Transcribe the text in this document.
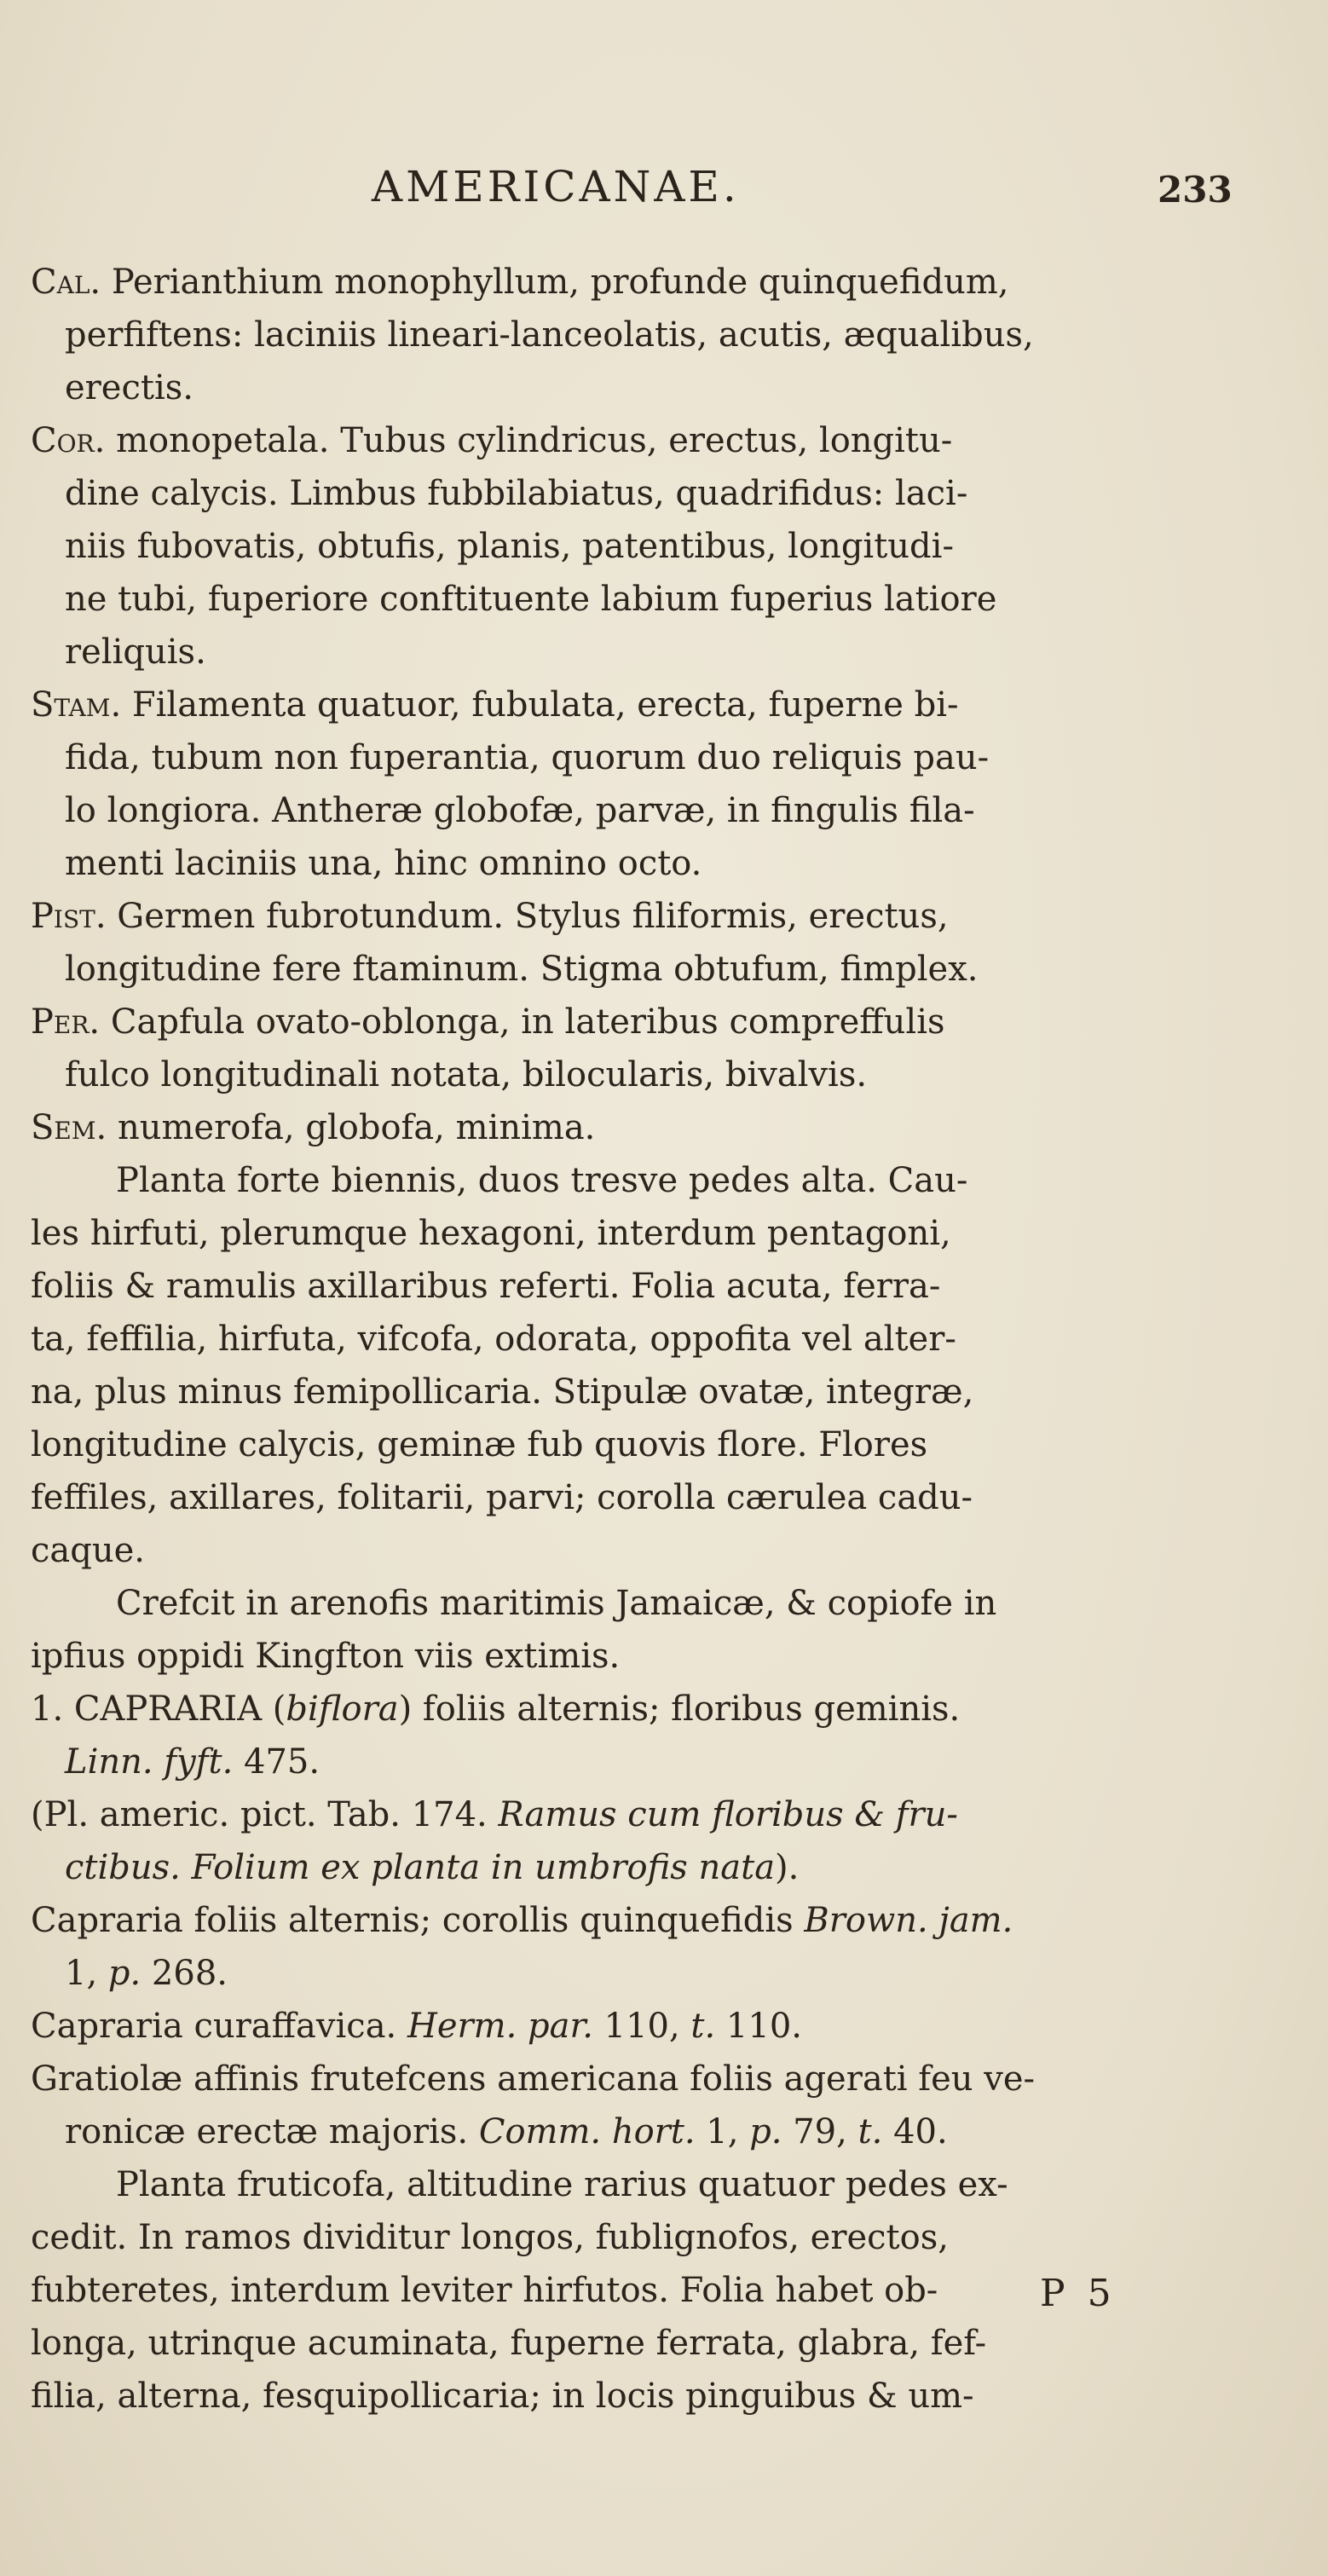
AMERICANAE.	233
Cal. Perianthium monophyllum, profunde quinquefidum,
perfiftens: laciniis lineari-lanceolatis, acutis, æqualibus,
erectis.
Cor. monopetala. Tubus cylindricus, erectus, longitu-
dine calycis. Limbus fubbilabiatus, quadrifidus: laci-
niis fubovatis, obtufis, planis, patentibus, longitudi-
ne tubi, fuperiore conftituente labium fuperius latiore
reliquis.
Stam. Filamenta quatuor, fubulata, erecta, fuperne bi-
fida, tubum non fuperantia, quorum duo reliquis pau-
lo longiora. Antheræ globofæ, parvæ, in fingulis fila-
menti laciniis una, hinc omnino octo.
Pist. Germen fubrotundum. Stylus filiformis, erectus,
longitudine fere ftaminum. Stigma obtufum, fimplex.
Per. Capfula ovato-oblonga, in lateribus compreffulis
fulco longitudinali notata, bilocularis, bivalvis.
Sem. numerofa, globofa, minima.
Planta forte biennis, duos tresve pedes alta. Cau-
les hirfuti, plerumque hexagoni, interdum pentagoni,
foliis & ramulis axillaribus referti. Folia acuta, ferra-
ta, feffilia, hirfuta, vifcofa, odorata, oppofita vel alter-
na, plus minus femipollicaria. Stipulæ ovatæ, integræ,
longitudine calycis, geminæ fub quovis flore. Flores
feffiles, axillares, folitarii, parvi; corolla cærulea cadu-
caque.
Crefcit in arenofis maritimis Jamaicæ, & copiofe in
ipfius oppidi Kingfton viis extimis.
1. CAPRARIA (biflora) foliis alternis; floribus geminis.
Linn. fyft. 475.
(Pl. americ. pict. Tab. 174. Ramus cum floribus & fru-
ctibus. Folium ex planta in umbrofis nata).
Capraria foliis alternis; corollis quinquefidis Brown. jam.
1, p. 268.
Capraria curaffavica. Herm. par. 110, t. 110.
Gratiolæ affinis frutefcens americana foliis agerati feu ve-
ronicæ erectæ majoris. Comm. hort. 1, p. 79, t. 40.
Planta fruticofa, altitudine rarius quatuor pedes ex-
cedit. In ramos dividitur longos, fublignofos, erectos,
fubteretes, interdum leviter hirfutos. Folia habet ob-
longa, utrinque acuminata, fuperne ferrata, glabra, fef-
filia, alterna, fesquipollicaria; in locis pinguibus & um-
P 5
